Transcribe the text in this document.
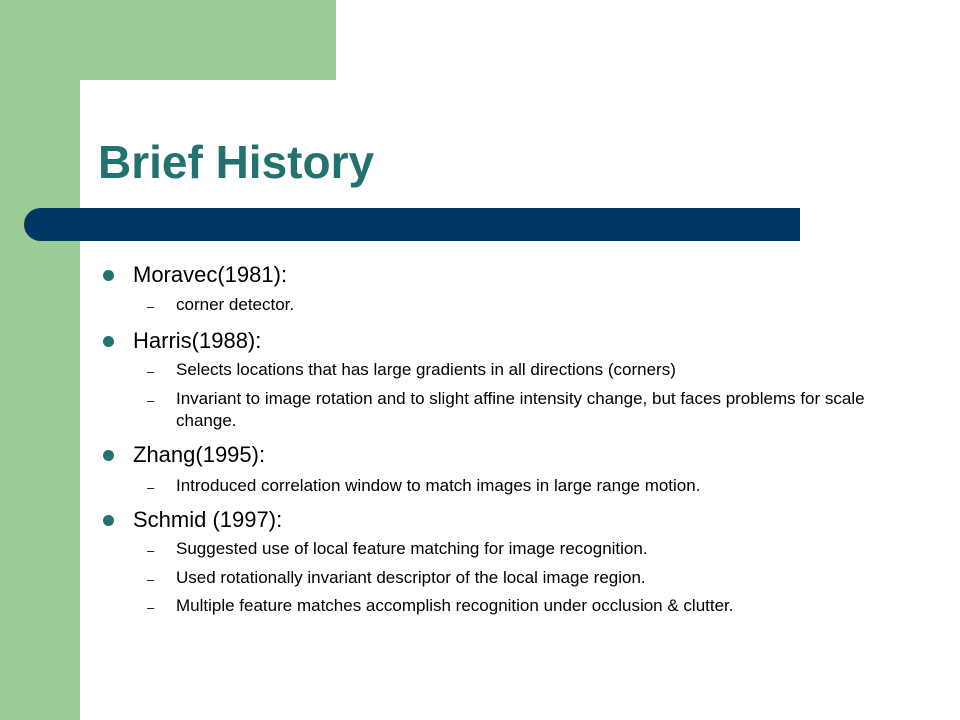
Brief History
Moravec(1981):
– corner detector.
Harris(1988):
– Selects locations that has large gradients in all directions (corners)
– Invariant to image rotation and to slight affine intensity change, but faces problems for scale change.
Zhang(1995):
– Introduced correlation window to match images in large range motion.
Schmid (1997):
– Suggested use of local feature matching for image recognition.
– Used rotationally invariant descriptor of the local image region.
– Multiple feature matches accomplish recognition under occlusion & clutter.
